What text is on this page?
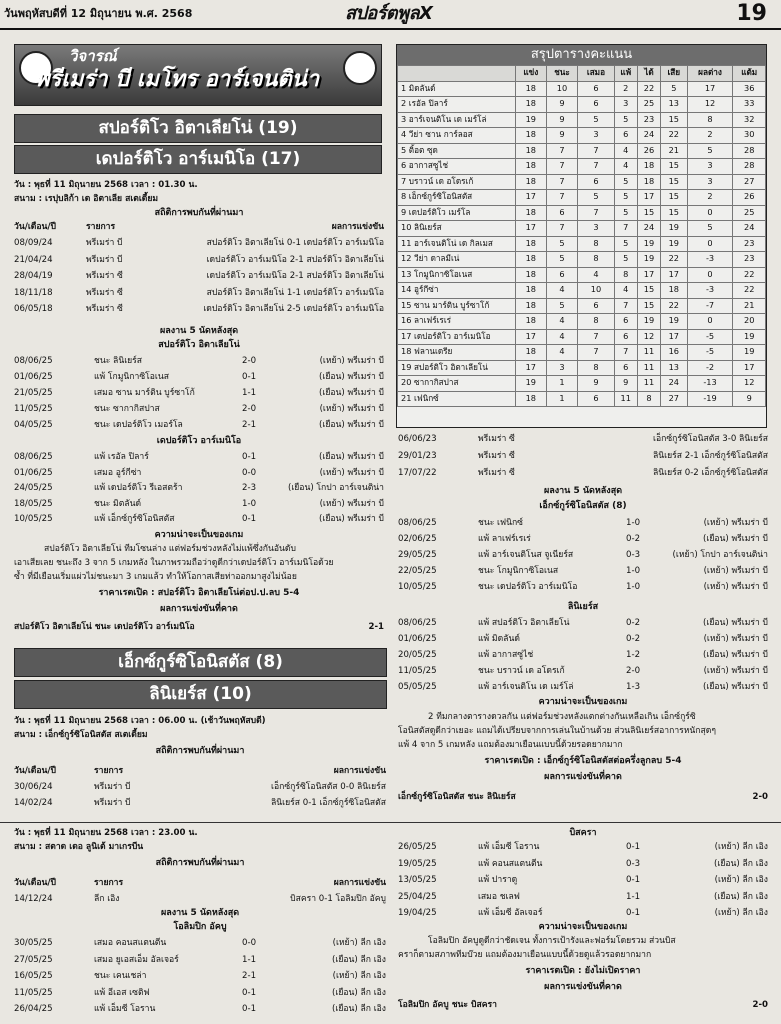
วันพฤหัสบดีที่ 12 มิถุนายน พ.ศ. 2568	สปอร์ตพูลX	19
วิจารณ์
พรีเมร่า บี เมโทร อาร์เจนติน่า
สปอร์ติโว อิตาเลียโน่ (19)
เดปอร์ติโว อาร์เมนิโอ (17)
วัน : พุธที่ 11 มิถุนายน 2568 เวลา : 01.30 น.
สนาม : เรปุบลิก้า เด อิตาเลีย สเตเดี้ยม
สถิติการพบกันที่ผ่านมา
วัน/เดือน/ปี	รายการ	ผลการแข่งขัน
08/09/24	พรีเมร่า บี	สปอร์ติโว อิตาเลียโน่ 0-1 เดปอร์ติโว อาร์เมนิโอ
21/04/24	พรีเมร่า บี	เดปอร์ติโว อาร์เมนิโอ 2-1 สปอร์ติโว อิตาเลียโน่
28/04/19	พรีเมร่า ซี	เดปอร์ติโว อาร์เมนิโอ 2-1 สปอร์ติโว อิตาเลียโน่
18/11/18	พรีเมร่า ซี	สปอร์ติโว อิตาเลียโน่ 1-1 เดปอร์ติโว อาร์เมนิโอ
06/05/18	พรีเมร่า ซี	เดปอร์ติโว อิตาเลียโน่ 2-5 เดปอร์ติโว อาร์เมนิโอ
ผลงาน 5 นัดหลังสุด
สปอร์ติโว อิตาเลียโน่
08/06/25	ชนะ ลินิเยร์ส	2-0	(เหย้า) พรีเมร่า บี
01/06/25	แพ้ โกมูนิกาซิโอเนส	0-1	(เยือน) พรีเมร่า บี
21/05/25	เสมอ ซาน มาร์ติน บูร์ซาโก้	1-1	(เยือน) พรีเมร่า บี
11/05/25	ชนะ ซากากิสปาส	2-0	(เหย้า) พรีเมร่า บี
04/05/25	ชนะ เดปอร์ติโว เมอร์โล	2-1	(เยือน) พรีเมร่า บี
เดปอร์ติโว อาร์เมนิโอ
08/06/25	แพ้ เรอัล ปิลาร์	0-1	(เยือน) พรีเมร่า บี
01/06/25	เสมอ อูร์กีซ่า	0-0	(เหย้า) พรีเมร่า บี
24/05/25	แพ้ เดปอร์ติโว รีเอสตร้า	2-3	(เยือน) โกปา อาร์เจนติน่า
18/05/25	ชนะ มิตลันด์	1-0	(เหย้า) พรีเมร่า บี
10/05/25	แพ้ เอ็กซ์กูร์ซิโอนิสตัส	0-1	(เยือน) พรีเมร่า บี
ความน่าจะเป็นของเกม
สปอร์ติโว อิตาเลียโน่ ทีมโซนล่าง แต่ฟอร์มช่วงหลังไม่แพ้ซึ่งกันอันดับ
เอาเสียเลย ชนะถึง 3 จาก 5 เกมหลัง ในภาพรวมถือว่าดูดีกว่าเดปอร์ติโว อาร์เมนิโอด้วย
ซ้ำ ที่มีเยือนเริ่มแผ่วไม่ชนะมา 3 เกมแล้ว ทำให้โอกาสเสียท่าออกมาสูงไม่น้อย
ราคาเรตเปิด : สปอร์ติโว อิตาเลียโน่ต่อป.ป.ลบ 5-4
ผลการแข่งขันที่คาด
สปอร์ติโว อิตาเลียโน่ ชนะ เดปอร์ติโว อาร์เมนิโอ	2-1
เอ็กซ์กูร์ซิโอนิสตัส (8)
ลินิเยร์ส (10)
วัน : พุธที่ 11 มิถุนายน 2568 เวลา : 06.00 น. (เช้าวันพฤหัสบดี)
สนาม : เอ็กซ์กูร์ซิโอนิสตัส สเตเดี้ยม
สถิติการพบกันที่ผ่านมา
วัน/เดือน/ปี	รายการ	ผลการแข่งขัน
30/06/24	พรีเมร่า บี	เอ็กซ์กูร์ซิโอนิสตัส 0-0 ลินิเยร์ส
14/02/24	พรีเมร่า บี	ลินิเยร์ส 0-1 เอ็กซ์กูร์ซิโอนิสตัส
สรุปตารางคะแนน
	แข่ง	ชนะ	เสมอ	แพ้	ได้	เสีย	ผลต่าง	แต้ม
1 มิดลันด์	18	10	6	2	22	5	17	36
2 เรอัล ปิลาร์	18	9	6	3	25	13	12	33
3 อาร์เจนติโน เด เมร์โล่	19	9	5	5	23	15	8	32
4 วีย่า ซาน การ์ลอส	18	9	3	6	24	22	2	30
5 ติ้อต ซุด	18	7	7	4	26	21	5	28
6 อากาสซูไช่	18	7	7	4	18	15	3	28
7 บราวน์ เด อโดรเก้	18	7	6	5	18	15	3	27
8 เอ็กซ์กูร์ซิโอนิสตัส	17	7	5	5	17	15	2	26
9 เดปอร์ติโว เมร์โล	18	6	7	5	15	15	0	25
10 ลินิเยร์ส	17	7	3	7	24	19	5	24
11 อาร์เจนติโน่ เด กิลเมส	18	5	8	5	19	19	0	23
12 วีย่า ดาลมีเน่	18	5	8	5	19	22	-3	23
13 โกมูนิกาซิโอเนส	18	6	4	8	17	17	0	22
14 อูร์กีซ่า	18	4	10	4	15	18	-3	22
15 ซาน มาร์ติน บูร์ซาโก้	18	5	6	7	15	22	-7	21
16 ลาเฟร์เรเร่	18	4	8	6	19	19	0	20
17 เดปอร์ติโว อาร์เมนิโอ	17	4	7	6	12	17	-5	19
18 ฟลานเดรีย	18	4	7	7	11	16	-5	19
19 สปอร์ติโว อิตาเลียโน่	17	3	8	6	11	13	-2	17
20 ซากากิสปาส	19	1	9	9	11	24	-13	12
21 เฟนิกซ์	18	1	6	11	8	27	-19	9
06/06/23	พรีเมร่า ซี	เอ็กซ์กูร์ซิโอนิสตัส 3-0 ลินิเยร์ส
29/01/23	พรีเมร่า ซี	ลินิเยร์ส 2-1 เอ็กซ์กูร์ซิโอนิสตัส
17/07/22	พรีเมร่า ซี	ลินิเยร์ส 0-2 เอ็กซ์กูร์ซิโอนิสตัส
ผลงาน 5 นัดหลังสุด
เอ็กซ์กูร์ซิโอนิสตัส (8)
08/06/25	ชนะ เฟนิกซ์	1-0	(เหย้า) พรีเมร่า บี
02/06/25	แพ้ ลาเฟร์เรเร่	0-2	(เยือน) พรีเมร่า บี
29/05/25	แพ้ อาร์เจนติโนส จูเนียร์ส	0-3	(เหย้า) โกปา อาร์เจนติน่า
22/05/25	ชนะ โกมูนิกาซิโอเนส	1-0	(เหย้า) พรีเมร่า บี
10/05/25	ชนะ เดปอร์ติโว อาร์เมนิโอ	1-0	(เหย้า) พรีเมร่า บี
ลินิเยร์ส
08/06/25	แพ้ สปอร์ติโว อิตาเลียโน่	0-2	(เยือน) พรีเมร่า บี
01/06/25	แพ้ มิดลันด์	0-2	(เหย้า) พรีเมร่า บี
20/05/25	แพ้ อากาสซู่ไช่	1-2	(เยือน) พรีเมร่า บี
11/05/25	ชนะ บราวน์ เด อโดรเก้	2-0	(เหย้า) พรีเมร่า บี
05/05/25	แพ้ อาร์เจนติโน เด เมร์โล่	1-3	(เยือน) พรีเมร่า บี
ความน่าจะเป็นของเกม
2 ทีมกลางตารางดวลกัน แต่ฟอร์มช่วงหลังแตกต่างกันเหลือเกิน เอ็กซ์กูร์ซิ
โอนิสตัสดูดีกว่าเยอะ แถมได้เปรียบจากการเล่นในบ้านด้วย ส่วนลินิเยร์สอาการหนักสุดๆ
แพ้ 4 จาก 5 เกมหลัง แถมต้องมาเยือนแบบนี้ด้วยรอดยากมาก
ราคาเรตเปิด : เอ็กซ์กูร์ซิโอนิสตัสต่อครึ่งลูกลบ 5-4
ผลการแข่งขันที่คาด
เอ็กซ์กูร์ซิโอนิสตัส ชนะ ลินิเยร์ส	2-0
วัน : พุธที่ 11 มิถุนายน 2568 เวลา : 23.00 น.
สนาม : สตาด เดอ ลูนิเต้ มาเกรบีน
สถิติการพบกันที่ผ่านมา
วัน/เดือน/ปี	รายการ	ผลการแข่งขัน
14/12/24	ลีก เอิง	บิสครา 0-1 โอลิมปิก อัคบู
ผลงาน 5 นัดหลังสุด
โอลิมปิก อัคบู
30/05/25	เสมอ คอนสแตนตีน	0-0	(เหย้า) ลีก เอิง
27/05/25	เสมอ ยูเอสเอ็ม อัลเจอร์	1-1	(เยือน) ลีก เอิง
16/05/25	ชนะ เคนเชล่า	2-1	(เหย้า) ลีก เอิง
11/05/25	แพ้ อีเอส เซติฟ	0-1	(เยือน) ลีก เอิง
26/04/25	แพ้ เอ็มซี โอราน	0-1	(เยือน) ลีก เอิง
บิสครา
26/05/25	แพ้ เอ็มซี โอราน	0-1	(เหย้า) ลีก เอิง
19/05/25	แพ้ คอนสแตนตีน	0-3	(เยือน) ลีก เอิง
13/05/25	แพ้ ปาราดู	0-1	(เหย้า) ลีก เอิง
25/04/25	เสมอ ชเลฟ	1-1	(เยือน) ลีก เอิง
19/04/25	แพ้ เอ็มซี อัลเจอร์	0-1	(เหย้า) ลีก เอิง
ความน่าจะเป็นของเกม
โอลิมปิก อัคบูดูดีกว่าชัดเจน ทั้งการเป้ารังและฟอร์มโดยรวม ส่วนบิส
คราก็ตามสภาพทีมบ๊วย แถมต้องมาเยือนแบบนี้ด้วยดูแล้วรอดยากมาก
ราคาเรตเปิด : ยังไม่เปิดราคา
ผลการแข่งขันที่คาด
โอลิมปิก อัคบู ชนะ บิสครา	2-0
